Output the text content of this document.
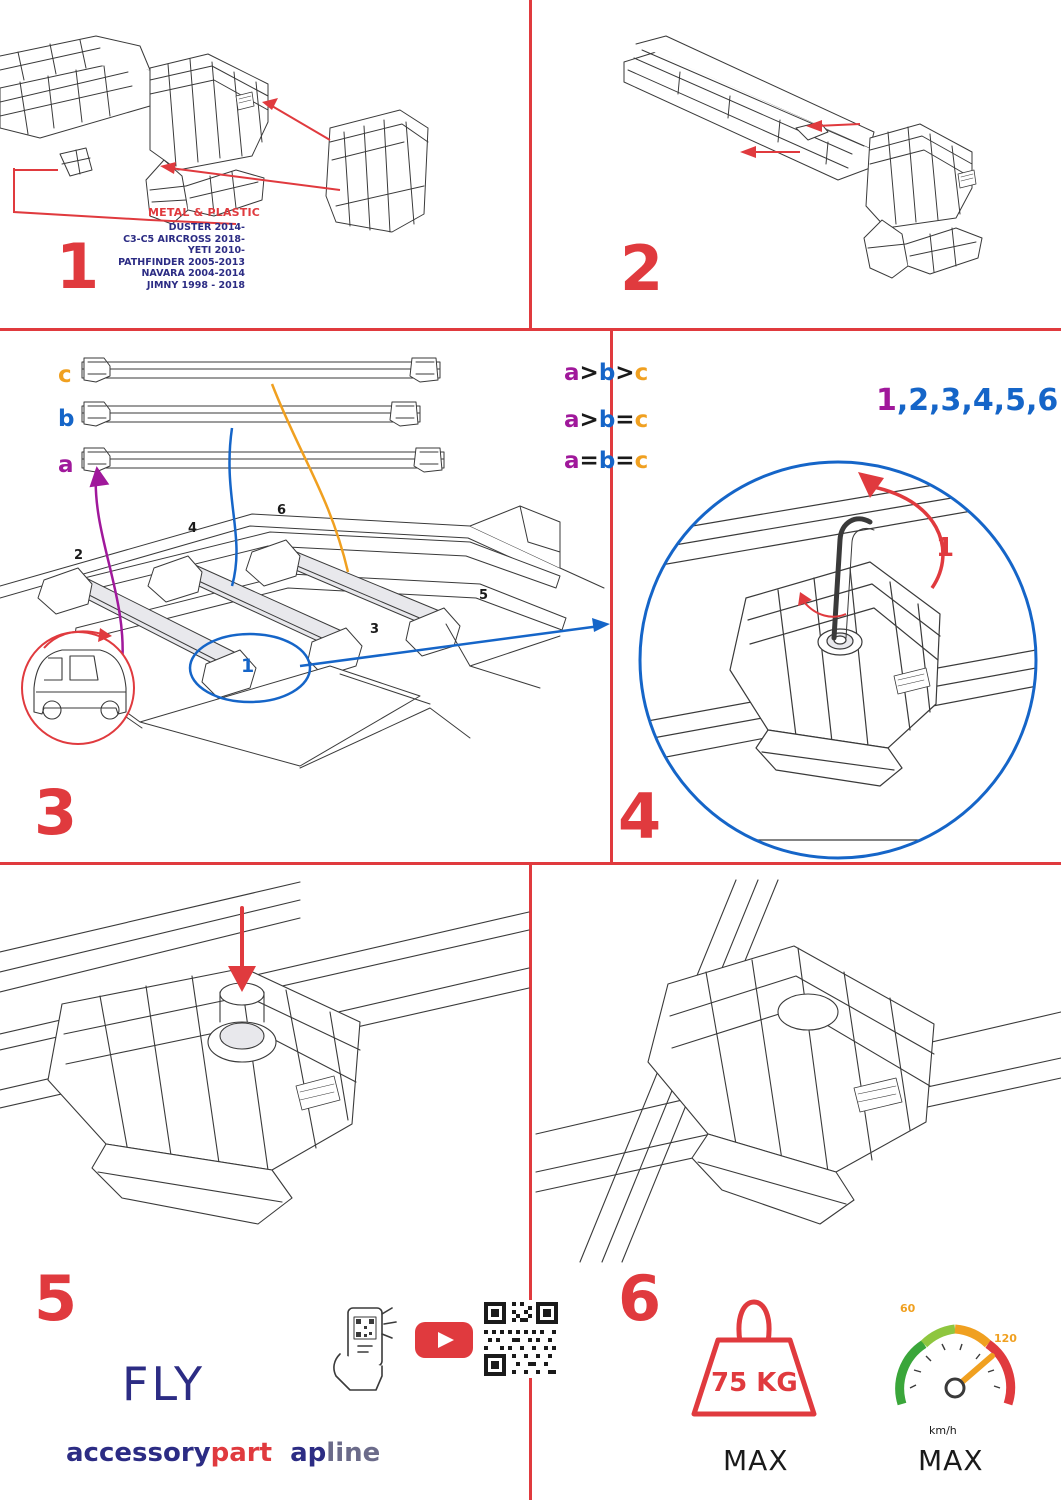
METAL & PLASTIC
DUSTER 2014-
C3-C5 AIRCROSS 2018-
YETI 2010-
PATHFINDER 2005-2013
NAVARA 2004-2014
JIMNY 1998 - 2018
1	2
c
b
a
a>b>c
a>b=c
a=b=c
2
4
6
5
3
1
3
1,2,3,4,5,6
1
4
5
FLY
accessorypart apline
6
75 KG
MAX
60
120
km/h
MAX
